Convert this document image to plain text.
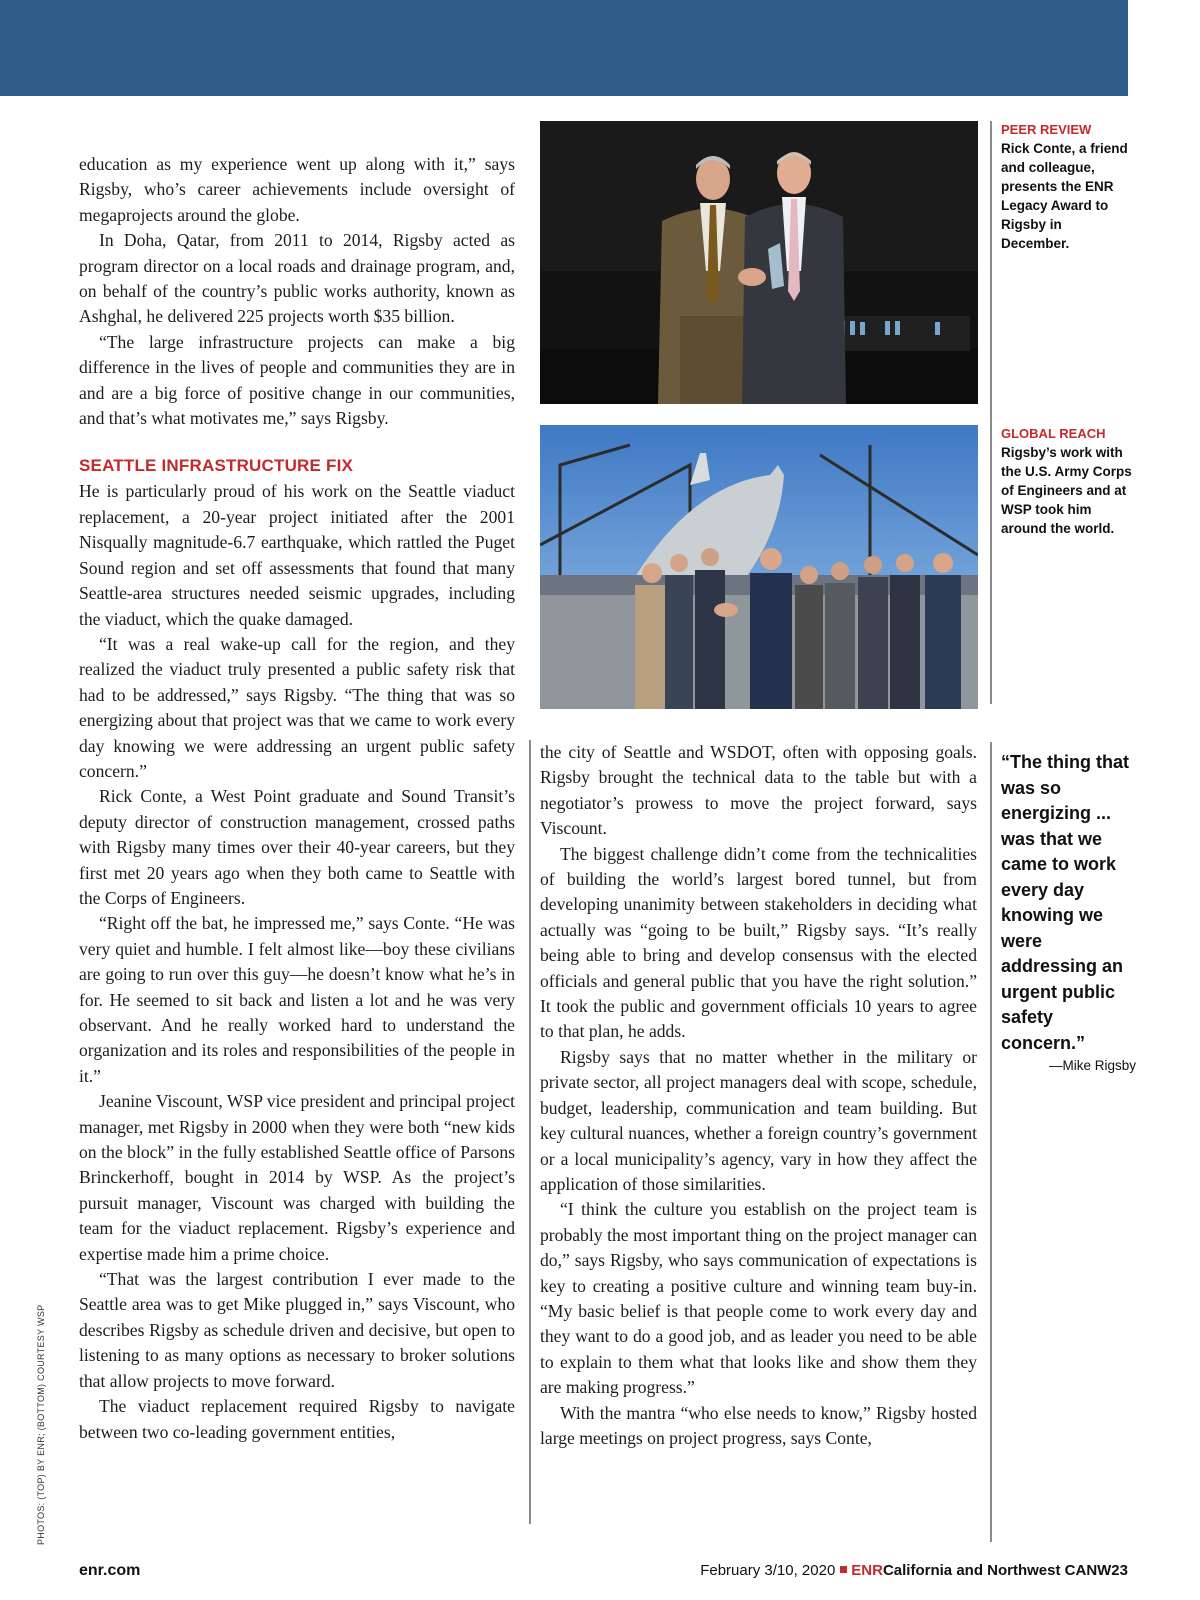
education as my experience went up along with it,” says Rigsby, who’s career achievements include oversight of megaprojects around the globe.

In Doha, Qatar, from 2011 to 2014, Rigsby acted as program director on a local roads and drainage program, and, on behalf of the country’s public works authority, known as Ashghal, he delivered 225 projects worth $35 billion.

“The large infrastructure projects can make a big difference in the lives of people and communities they are in and are a big force of positive change in our communities, and that’s what motivates me,” says Rigsby.

SEATTLE INFRASTRUCTURE FIX

He is particularly proud of his work on the Seattle viaduct replacement, a 20-year project initiated after the 2001 Nisqually magnitude-6.7 earthquake, which rattled the Puget Sound region and set off assessments that found that many Seattle-area structures needed seismic upgrades, including the viaduct, which the quake damaged.

“It was a real wake-up call for the region, and they realized the viaduct truly presented a public safety risk that had to be addressed,” says Rigsby. “The thing that was so energizing about that project was that we came to work every day knowing we were addressing an urgent public safety concern.”

Rick Conte, a West Point graduate and Sound Transit’s deputy director of construction management, crossed paths with Rigsby many times over their 40-year careers, but they first met 20 years ago when they both came to Seattle with the Corps of Engineers.

“Right off the bat, he impressed me,” says Conte. “He was very quiet and humble. I felt almost like—boy these civilians are going to run over this guy—he doesn’t know what he’s in for. He seemed to sit back and listen a lot and he was very observant. And he really worked hard to understand the organization and its roles and responsibilities of the people in it.”

Jeanine Viscount, WSP vice president and principal project manager, met Rigsby in 2000 when they were both “new kids on the block” in the fully established Seattle office of Parsons Brinckerhoff, bought in 2014 by WSP. As the project’s pursuit manager, Viscount was charged with building the team for the viaduct replacement. Rigsby’s experience and expertise made him a prime choice.

“That was the largest contribution I ever made to the Seattle area was to get Mike plugged in,” says Viscount, who describes Rigsby as schedule driven and decisive, but open to listening to as many options as necessary to broker solutions that allow projects to move forward.

The viaduct replacement required Rigsby to navigate between two co-leading government entities,

PEER REVIEW
Rick Conte, a friend and colleague, presents the ENR Legacy Award to Rigsby in December.
GLOBAL REACH
Rigsby’s work with the U.S. Army Corps of Engineers and at WSP took him around the world.

the city of Seattle and WSDOT, often with opposing goals. Rigsby brought the technical data to the table but with a negotiator’s prowess to move the project forward, says Viscount.

The biggest challenge didn’t come from the technicalities of building the world’s largest bored tunnel, but from developing unanimity between stakeholders in deciding what actually was “going to be built,” Rigsby says. “It’s really being able to bring and develop consensus with the elected officials and general public that you have the right solution.” It took the public and government officials 10 years to agree to that plan, he adds.

Rigsby says that no matter whether in the military or private sector, all project managers deal with scope, schedule, budget, leadership, communication and team building. But key cultural nuances, whether a foreign country’s government or a local municipality’s agency, vary in how they affect the application of those similarities.

“I think the culture you establish on the project team is probably the most important thing on the project manager can do,” says Rigsby, who says communication of expectations is key to creating a positive culture and winning team buy-in. “My basic belief is that people come to work every day and they want to do a good job, and as leader you need to be able to explain to them what that looks like and show them they are making progress.”

With the mantra “who else needs to know,” Rigsby hosted large meetings on project progress, says Conte,

“The thing that was so energizing ... was that we came to work every day knowing we were addressing an urgent public safety concern.”
—Mike Rigsby
PHOTOS: (TOP) BY ENR; (BOTTOM) COURTESY WSP
enr.com	February 3/10, 2020 ENRCalifornia and Northwest CANW23
